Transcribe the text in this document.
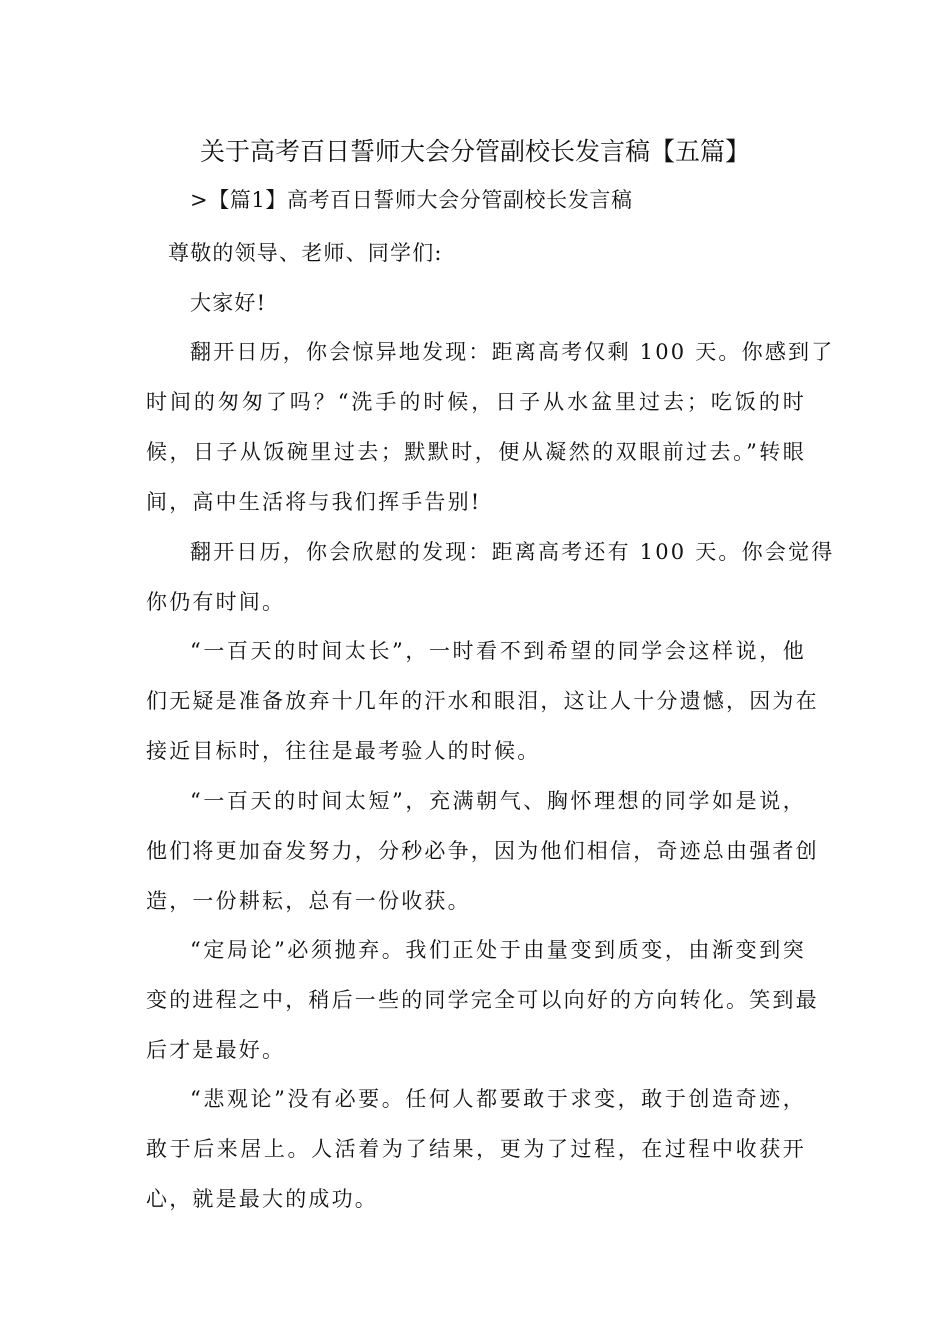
关于高考百日誓师大会分管副校长发言稿【五篇】

>【篇1】高考百日誓师大会分管副校长发言稿

尊敬的领导、老师、同学们:

大家好!

翻开日历，你会惊异地发现：距离高考仅剩 100 天。你感到了

时间的匆匆了吗？“洗手的时候，日子从水盆里过去；吃饭的时

候，日子从饭碗里过去；默默时，便从凝然的双眼前过去。”转眼

间，高中生活将与我们挥手告别!

翻开日历，你会欣慰的发现：距离高考还有 100 天。你会觉得

你仍有时间。

“一百天的时间太长”，一时看不到希望的同学会这样说，他

们无疑是准备放弃十几年的汗水和眼泪，这让人十分遗憾，因为在

接近目标时，往往是最考验人的时候。

“一百天的时间太短”，充满朝气、胸怀理想的同学如是说，

他们将更加奋发努力，分秒必争，因为他们相信，奇迹总由强者创

造，一份耕耘，总有一份收获。

“定局论”必须抛弃。我们正处于由量变到质变，由渐变到突

变的进程之中，稍后一些的同学完全可以向好的方向转化。笑到最

后才是最好。

“悲观论”没有必要。任何人都要敢于求变，敢于创造奇迹，

敢于后来居上。人活着为了结果，更为了过程，在过程中收获开

心，就是最大的成功。
